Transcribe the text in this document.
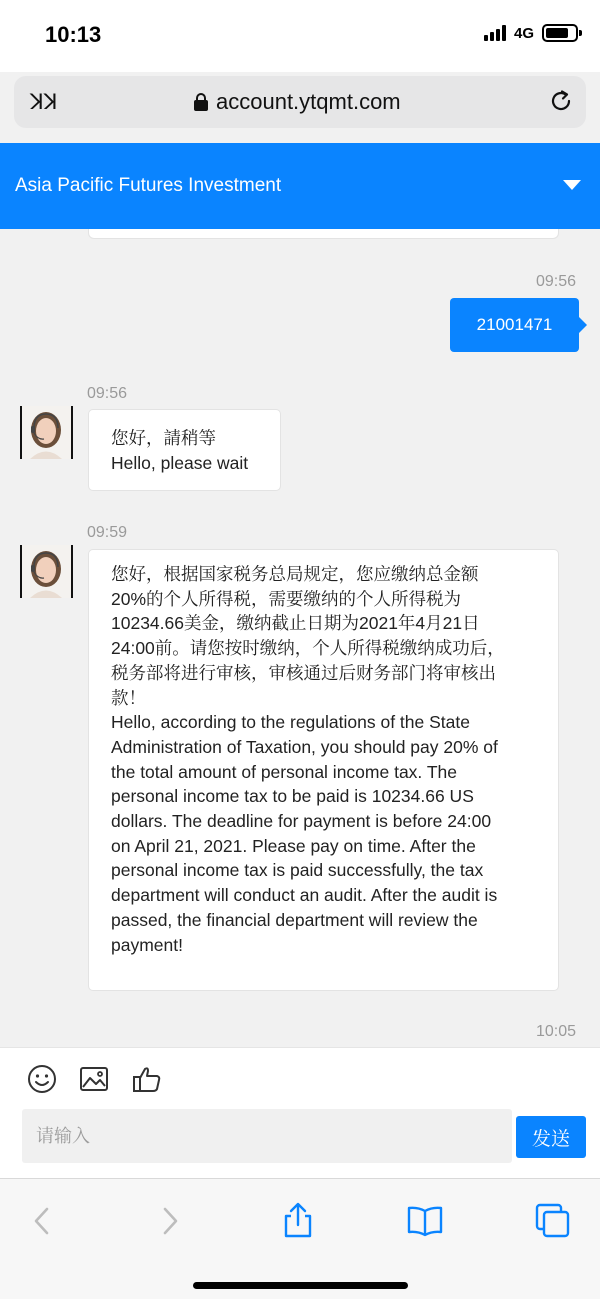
10:13	4G
ꓘꓘ	account.ytqmt.com
Asia Pacific Futures Investment
09:56
21001471
09:56

您好，請稍等

Hello, please wait

09:59

您好，根据国家税务总局规定，您应缴纳总金额

20%的个人所得税，需要缴纳的个人所得税为

10234.66美金，缴纳截止日期为2021年4月21日

24:00前。请您按时缴纳，个人所得税缴纳成功后，

税务部将进行审核，审核通过后财务部门将审核出

款！

Hello, according to the regulations of the State

Administration of Taxation, you should pay 20% of

the total amount of personal income tax. The

personal income tax to be paid is 10234.66 US

dollars. The deadline for payment is before 24:00

on April 21, 2021. Please pay on time. After the

personal income tax is paid successfully, the tax

department will conduct an audit. After the audit is

passed, the financial department will review the

payment!

10:05
请输入
发送
